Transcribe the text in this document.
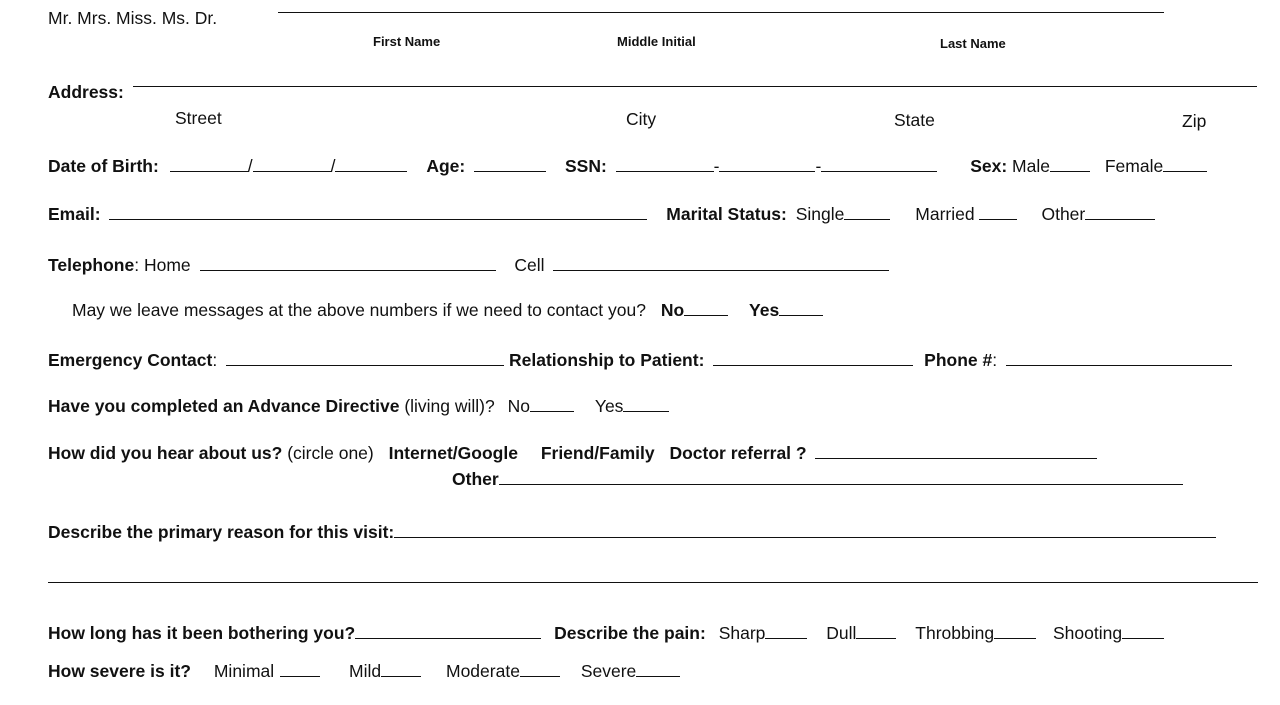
Mr. Mrs. Miss. Ms. Dr.
First Name	Middle Initial	Last Name
Address:
Street	City	State	Zip
Date of Birth:	/	/	Age:	SSN:	-	-	Sex: Male	Female
Email:	Marital Status: Single	Married	Other
Telephone: Home	Cell
May we leave messages at the above numbers if we need to contact you? No	Yes
Emergency Contact:	Relationship to Patient:	Phone #:
Have you completed an Advance Directive (living will)? No	Yes
How did you hear about us? (circle one) Internet/Google Friend/Family Doctor referral ?
Other
Describe the primary reason for this visit:
How long has it been bothering you?	Describe the pain: Sharp	Dull	Throbbing	Shooting
How severe is it? Minimal	Mild	Moderate	Severe
